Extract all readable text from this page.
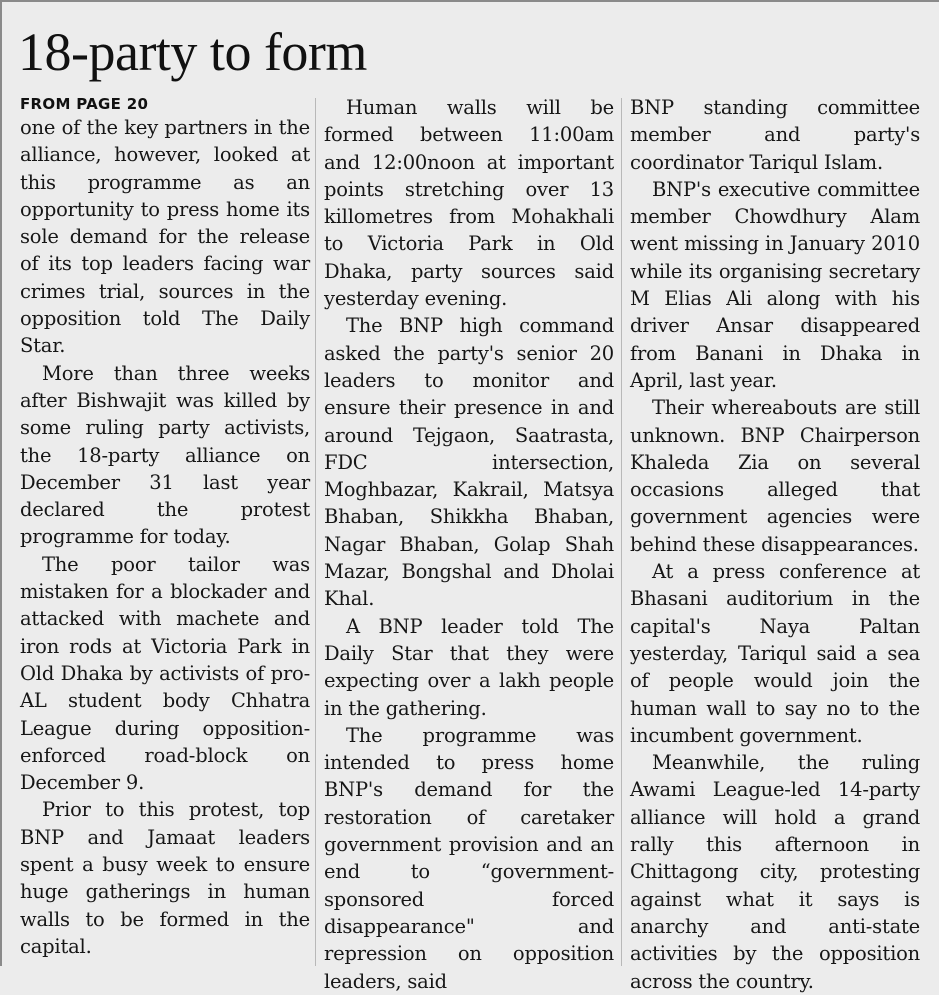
18-party to form
FROM PAGE 20

one of the key partners in the alliance, however, looked at this programme as an opportunity to press home its sole demand for the release of its top leaders facing war crimes trial, sources in the opposition told The Daily Star.

More than three weeks after Bishwajit was killed by some ruling party activists, the 18-party alliance on December 31 last year declared the protest programme for today.

The poor tailor was mistaken for a blockader and attacked with machete and iron rods at Victoria Park in Old Dhaka by activists of pro-AL student body Chhatra League during opposition-enforced road-block on December 9.

Prior to this protest, top BNP and Jamaat leaders spent a busy week to ensure huge gatherings in human walls to be formed in the capital.

Human walls will be formed between 11:00am and 12:00noon at important points stretching over 13 killometres from Mohakhali to Victoria Park in Old Dhaka, party sources said yesterday evening.

The BNP high command asked the party's senior 20 leaders to monitor and ensure their presence in and around Tejgaon, Saatrasta, FDC intersection, Moghbazar, Kakrail, Matsya Bhaban, Shikkha Bhaban, Nagar Bhaban, Golap Shah Mazar, Bongshal and Dholai Khal.

A BNP leader told The Daily Star that they were expecting over a lakh people in the gathering.

The programme was intended to press home BNP's demand for the restoration of caretaker government provision and an end to “government-sponsored forced disappearance" and repression on opposition leaders, said

BNP standing committee member and party's coordinator Tariqul Islam.

BNP's executive committee member Chowdhury Alam went missing in January 2010 while its organising secretary M Elias Ali along with his driver Ansar disappeared from Banani in Dhaka in April, last year.

Their whereabouts are still unknown. BNP Chairperson Khaleda Zia on several occasions alleged that government agencies were behind these disappearances.

At a press conference at Bhasani auditorium in the capital's Naya Paltan yesterday, Tariqul said a sea of people would join the human wall to say no to the incumbent government.

Meanwhile, the ruling Awami League-led 14-party alliance will hold a grand rally this afternoon in Chittagong city, protesting against what it says is anarchy and anti-state activities by the opposition across the country.
